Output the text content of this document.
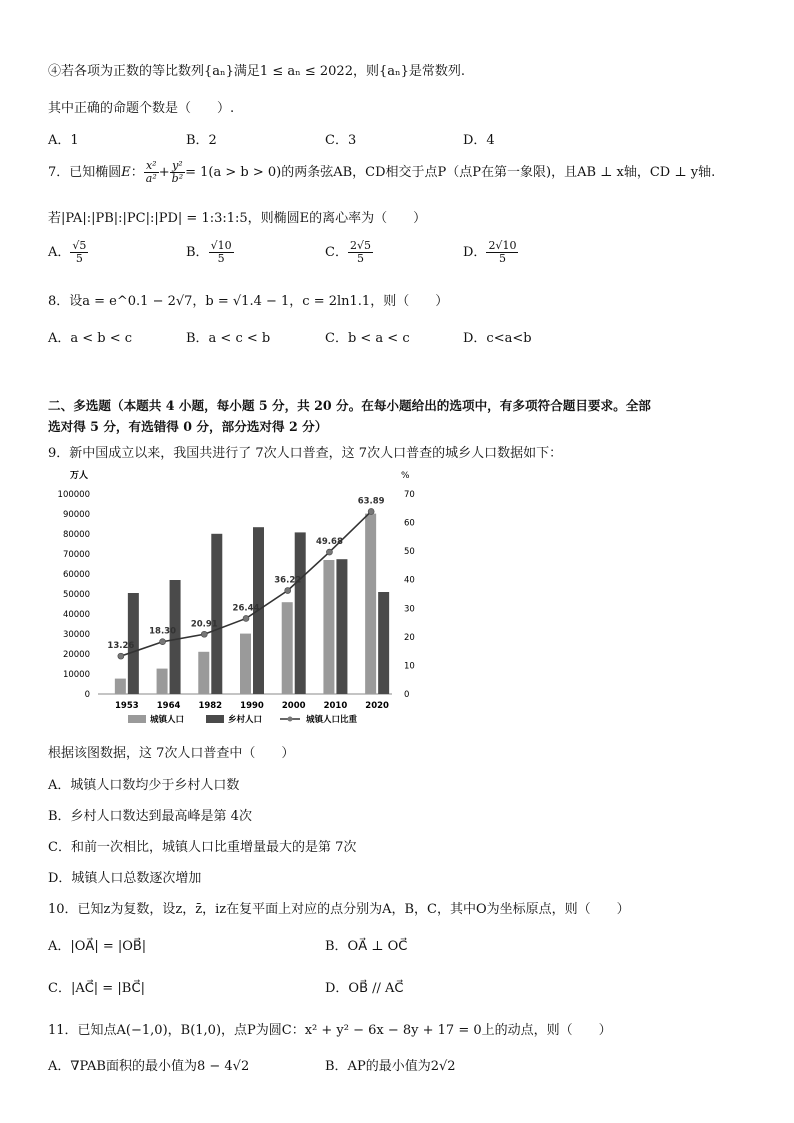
④若各项为正数的等比数列{aₙ}满足1 ≤ aₙ ≤ 2022，则{aₙ}是常数列.
其中正确的命题个数是（　　）.
A．1	B．2	C．3	D．4
7．已知椭圆E： $\frac{\text{x²}}{\text{a²}} + \frac{\text{y²}}{\text{b²}} = 1(a > b > 0)$的两条弦AB，CD相交于点P（点P在第一象限)，且AB ⊥ x轴，CD ⊥ y轴.
若|PA|:|PB|:|PC|:|PD| = 1:3:1:5，则椭圆E的离心率为（　　）
A． $\frac{√5}{5}$	B． $\frac{√10}{5}$	C． $\frac{2√5}{5}$	D． $\frac{2√10}{5}$
8．设a = e^0.1 − 2√7，b = √1.4 − 1，c = 2ln1.1，则（　　）
A．a < b < c	B．a < c < b	C．b < a < c	D．c<a<b
二、多选题（本题共 4 小题，每小题 5 分，共 20 分。在每小题给出的选项中，有多项符合题目要求。全部
选对得 5 分，有选错得 0 分，部分选对得 2 分）
9．新中国成立以来，我国共进行了 7次人口普查，这 7次人口普查的城乡人口数据如下：
万人	%
0
10000
20000
30000
40000
50000
60000
70000
80000
90000
100000
0
10
20
30
40
50
60
70
1953 1964 1982 1990 2000 2010 2020
13.26
18.30
20.91
26.44
36.22
49.68
63.89
城镇人口	乡村人口	城镇人口比重
根据该图数据，这 7次人口普查中（　　）
A．城镇人口数均少于乡村人口数
B．乡村人口数达到最高峰是第 4次
C．和前一次相比，城镇人口比重增量最大的是第 7次
D．城镇人口总数逐次增加
10．已知z为复数，设z，z̄，iz在复平面上对应的点分别为A，B，C，其中O为坐标原点，则（　　）
A．|OA⃗| = |OB⃗|	B．OA⃗ ⊥ OC⃗
C．|AC⃗| = |BC⃗|	D．OB⃗ // AC⃗
11．已知点A(−1,0)，B(1,0)，点P为圆C：x² + y² − 6x − 8y + 17 = 0上的动点，则（　　）
A．∇PAB面积的最小值为8 − 4√2	B．AP的最小值为2√2
